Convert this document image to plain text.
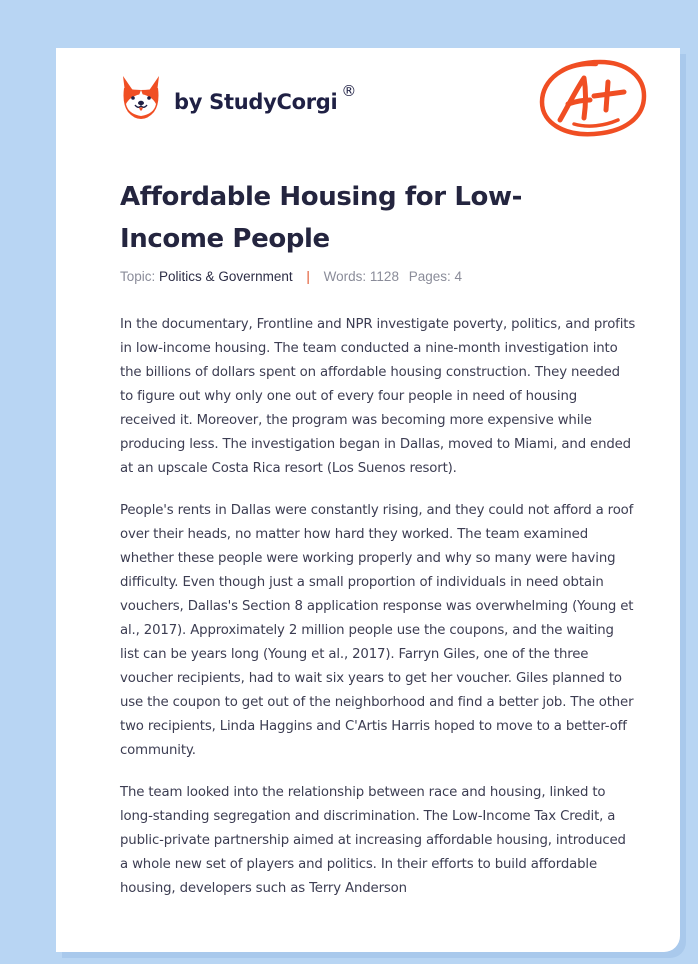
by StudyCorgi ®
Affordable Housing for Low-Income People
Topic: Politics & Government | Words: 1128 Pages: 4

In the documentary, Frontline and NPR investigate poverty, politics, and profits in low-income housing. The team conducted a nine-month investigation into the billions of dollars spent on affordable housing construction. They needed to figure out why only one out of every four people in need of housing received it. Moreover, the program was becoming more expensive while producing less. The investigation began in Dallas, moved to Miami, and ended at an upscale Costa Rica resort (Los Suenos resort).

People's rents in Dallas were constantly rising, and they could not afford a roof over their heads, no matter how hard they worked. The team examined whether these people were working properly and why so many were having difficulty. Even though just a small proportion of individuals in need obtain vouchers, Dallas's Section 8 application response was overwhelming (Young et al., 2017). Approximately 2 million people use the coupons, and the waiting list can be years long (Young et al., 2017). Farryn Giles, one of the three voucher recipients, had to wait six years to get her voucher. Giles planned to use the coupon to get out of the neighborhood and find a better job. The other two recipients, Linda Haggins and C'Artis Harris hoped to move to a better-off community.

The team looked into the relationship between race and housing, linked to long-standing segregation and discrimination. The Low-Income Tax Credit, a public-private partnership aimed at increasing affordable housing, introduced a whole new set of players and politics. In their efforts to build affordable housing, developers such as Terry Anderson
